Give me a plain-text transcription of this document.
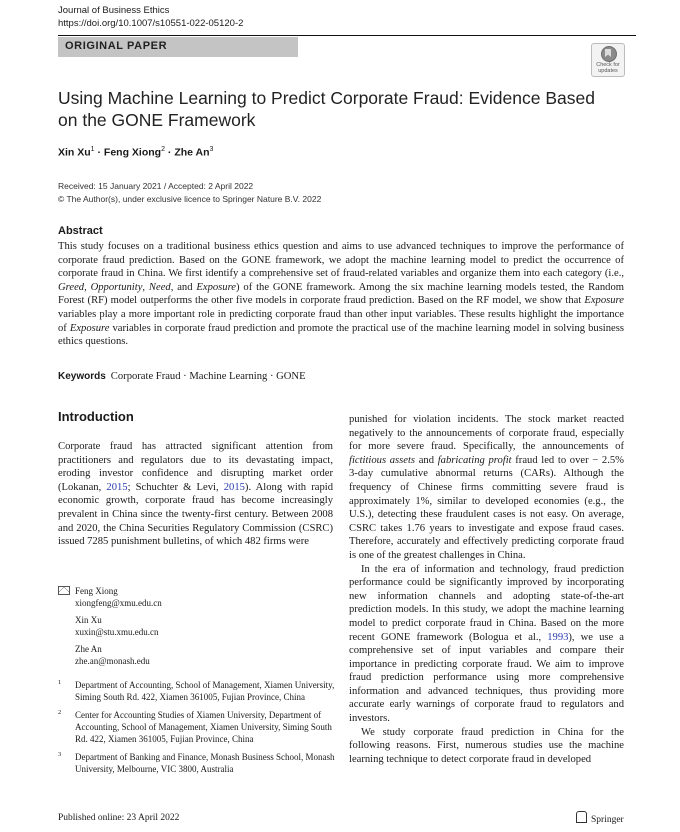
Journal of Business Ethics
https://doi.org/10.1007/s10551-022-05120-2
ORIGINAL PAPER
Check for
updates
Using Machine Learning to Predict Corporate Fraud: Evidence Based
on the GONE Framework
Xin $Xu^1$ · Feng Xiong$^2$ · Zhe An$^3$
Received: 15 January 2021 / Accepted: 2 April 2022
© The Author(s), under exclusive licence to Springer Nature B.V. 2022
Abstract

This study focuses on a traditional business ethics question and aims to use advanced techniques to improve the performance of corporate fraud prediction. Based on the GONE framework, we adopt the machine learning model to predict the occurrence of corporate fraud in China. We first identify a comprehensive set of fraud-related variables and organize them into each category (i.e., Greed, Opportunity, Need, and Exposure) of the GONE framework. Among the six machine learning models tested, the Random Forest (RF) model outperforms the other five models in corporate fraud prediction. Based on the RF model, we show that Exposure variables play a more important role in predicting corporate fraud than other input variables. These results highlight the importance of Exposure variables in corporate fraud prediction and promote the practical use of the machine learning model in solving business ethics questions.

Keywords Corporate Fraud · Machine Learning · GONE
Introduction

Corporate fraud has attracted significant attention from practitioners and regulators due to its devastating impact, eroding investor confidence and disrupting market order (Lokanan, 2015; Schuchter & Levi, 2015). Along with rapid economic growth, corporate fraud has become increasingly prevalent in China since the twenty-first century. Between 2008 and 2020, the China Securities Regulatory Commission (CSRC) issued 7285 punishment bulletins, of which 482 firms were

punished for violation incidents. The stock market reacted negatively to the announcements of corporate fraud, especially for more severe fraud. Specifically, the announcements of fictitious assets and fabricating profit fraud led to over − 2.5% 3-day cumulative abnormal returns (CARs). Although the frequency of Chinese firms committing severe fraud is approximately 1%, similar to developed economies (e.g., the U.S.), detecting these fraudulent cases is not easy. On average, CSRC takes 1.76 years to investigate and expose fraud cases. Therefore, accurately and effectively predicting corporate fraud is one of the greatest challenges in China.

In the era of information and technology, fraud prediction performance could be significantly improved by incorporating new information channels and adopting state-of-the-art prediction models. In this study, we adopt the machine learning model to predict corporate fraud in China. Based on the more recent GONE framework (Bologua et al., 1993), we use a comprehensive set of input variables and compare their importance in predicting corporate fraud. We aim to improve fraud prediction performance using more comprehensive information and advanced techniques, thus providing more accurate early warnings of corporate fraud to regulators and investors.

We study corporate fraud prediction in China for the following reasons. First, numerous studies use the machine learning technique to detect corporate fraud in developed

Feng Xiong
xiongfeng@xmu.edu.cn
Xin Xu
xuxin@stu.xmu.edu.cn
Zhe An
zhe.an@monash.edu
1 Department of Accounting, School of Management, Xiamen University, Siming South Rd. 422, Xiamen 361005, Fujian Province, China
2 Center for Accounting Studies of Xiamen University, Department of Accounting, School of Management, Xiamen University, Siming South Rd. 422, Xiamen 361005, Fujian Province, China
3 Department of Banking and Finance, Monash Business School, Monash University, Melbourne, VIC 3800, Australia
Published online: 23 April 2022	Springer
